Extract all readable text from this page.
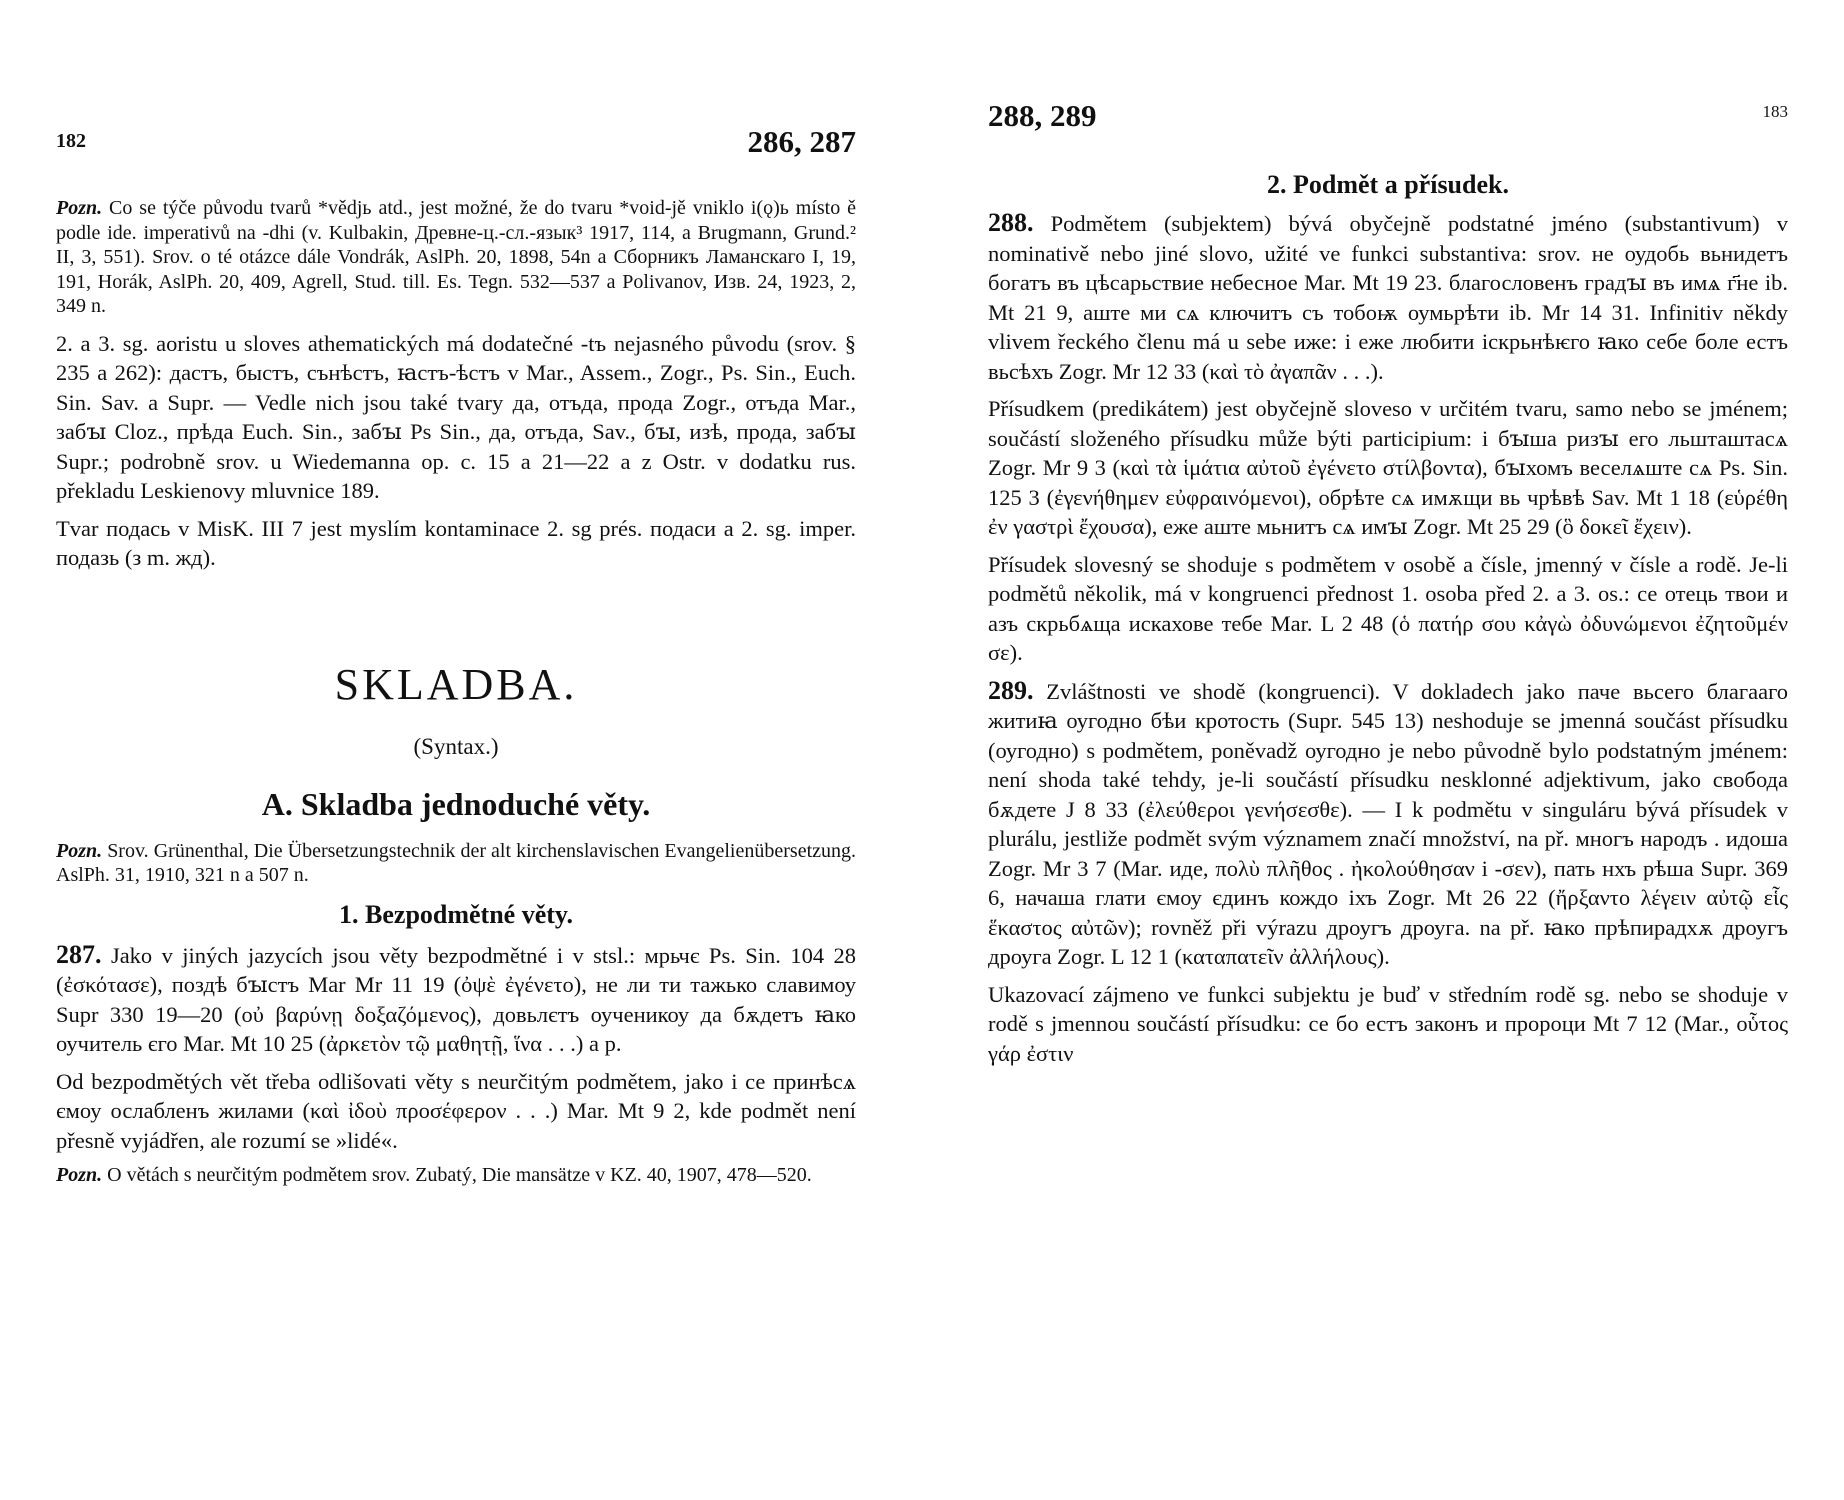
182	286, 287

Pozn. Co se týče původu tvarů *vědjь atd., jest možné, že do tvaru *void-jě vniklo i(ǫ)ь místo ě podle ide. imperativů na -dhi (v. Kulbakin, Древне-ц.-сл.-язык³ 1917, 114, a Brugmann, Grund.² II, 3, 551). Srov. o té otázce dále Vondrák, AslPh. 20, 1898, 54n a Сборникъ Ламанскаго I, 19, 191, Horák, AslPh. 20, 409, Agrell, Stud. till. Es. Tegn. 532—537 a Polivanov, Изв. 24, 1923, 2, 349 n.

2. a 3. sg. aoristu u sloves athematických má dodatečné -tъ nejasného původu (srov. § 235 a 262): дастъ, быстъ, сънѣстъ, ꙗстъ-ѣстъ v Mar., Assem., Zogr., Ps. Sin., Euch. Sin. Sav. a Supr. — Vedle nich jsou také tvary да, отъда, прода Zogr., отъда Mar., забꙑ Cloz., прѣда Euch. Sin., забꙑ Ps Sin., да, отъда, Sav., бꙑ, изѣ, прода, забꙑ Supr.; podrobně srov. u Wiedemanna op. c. 15 a 21—22 a z Ostr. v dodatku rus. překladu Leskienovy mluvnice 189.

Tvar подась v MisK. III 7 jest myslím kontaminace 2. sg prés. подаси a 2. sg. imper. подазь (з m. жд).

SKLADBA.
(Syntax.)
A. Skladba jednoduché věty.

Pozn. Srov. Grünenthal, Die Übersetzungstechnik der alt kirchenslavischen Evangelienübersetzung. AslPh. 31, 1910, 321 n a 507 n.

1. Bezpodmětné věty.

287. Jako v jiných jazycích jsou věty bezpodmětné i v stsl.: мрьчє Ps. Sin. 104 28 (ἐσκότασε), поздѣ бꙑстъ Mar Mr 11 19 (ὀψὲ ἐγένετο), не ли ти тажько славимоу Supr 330 19—20 (οὐ βαρύνῃ δοξαζόμενος), довьлєтъ оученикоу да бѫдетъ ꙗко оучитель єго Mar. Mt 10 25 (ἀρκετὸν τῷ μαθητῇ, ἵνα . . .) a p.

Od bezpodmětých vět třeba odlišovati věty s neurčitým podmětem, jako і се принѣсѧ ємоу ослабленъ жилами (καὶ ἰδοὺ προσέφερον . . .) Mar. Mt 9 2, kde podmět není přesně vyjádřen, ale rozumí se »lidé«.

Pozn. O větách s neurčitým podmětem srov. Zubatý, Die mansätze v KZ. 40, 1907, 478—520.

288, 289	183
2. Podmět a přísudek.

288. Podmětem (subjektem) bývá obyčejně podstatné jméno (substantivum) v nominativě nebo jiné slovo, užité ve funkci substantiva: srov. не оудобь вьнидетъ богатъ въ цѣсарьствие небесное Mar. Mt 19 23. благословенъ градꙑ въ имѧ г҃не ib. Mt 21 9, аште ми сѧ ключитъ съ тобоѭ оумьрѣти ib. Mr 14 31. Infinitiv někdy vlivem řeckého členu má u sebe иже: і еже любити іскрьнѣѥго ꙗко себе боле естъ вьсѣхъ Zogr. Mr 12 33 (καὶ τὸ ἀγαπᾶν . . .).

Přísudkem (predikátem) jest obyčejně sloveso v určitém tvaru, samo nebo se jménem; součástí složeného přísudku může býti participium: і бꙑша ризꙑ его льшташтасѧ Zogr. Mr 9 3 (καὶ τὰ ἱμάτια αὐτοῦ ἐγένετο στίλβοντα), бꙑхомъ веселѧште сѧ Ps. Sin. 125 3 (ἐγενήθημεν εὐφραινόμενοι), обрѣте сѧ имѫщи вь чрѣвѣ Sav. Mt 1 18 (εὑρέθη ἐν γαστρὶ ἔχουσα), еже аште мьнитъ сѧ имꙑ Zogr. Mt 25 29 (ὃ δοκεῖ ἔχειν).

Přísudek slovesný se shoduje s podmětem v osobě a čísle, jmenný v čísle a rodě. Je-li podmětů několik, má v kongruenci přednost 1. osoba před 2. a 3. os.: се отець твои и азъ скрьбѧща искахове тебе Mar. L 2 48 (ὁ πατήρ σου κἀγὼ ὀδυνώμενοι ἐζητοῦμέν σε).

289. Zvláštnosti ve shodě (kongruenci). V dokladech jako паче вьсего благааго житиꙗ оугодно бѣи кротость (Supr. 545 13) neshoduje se jmenná součást přísudku (оугодно) s podmětem, poněvadž оугодно je nebo původně bylo podstatným jménem: není shoda také tehdy, je-li součástí přísudku nesklonné adjektivum, jako свобода бѫдете J 8 33 (ἐλεύθεροι γενήσεσθε). — I k podmětu v singuláru bývá přísudek v plurálu, jestliže podmět svým významem značí množství, na př. многъ народъ . идоша Zogr. Mr 3 7 (Mar. иде, πολὺ πλῆθος . ἠκολούθησαν i -σεν), пать нхъ рѣша Supr. 369 6, начаша глати ємоу єдинъ кождо іхъ Zogr. Mt 26 22 (ἤρξαντο λέγειν αὐτῷ εἷς ἕκαστος αὐτῶν); rovněž při výrazu дроугъ дроуга. na př. ꙗко прѣпирадхѫ дроугъ дроуга Zogr. L 12 1 (καταπατεῖν ἀλλήλους).

Ukazovací zájmeno ve funkci subjektu je buď v středním rodě sg. nebo se shoduje v rodě s jmennou součástí přísudku: се бо естъ законъ и пророци Mt 7 12 (Mar., οὗτος γάρ ἐστιν
